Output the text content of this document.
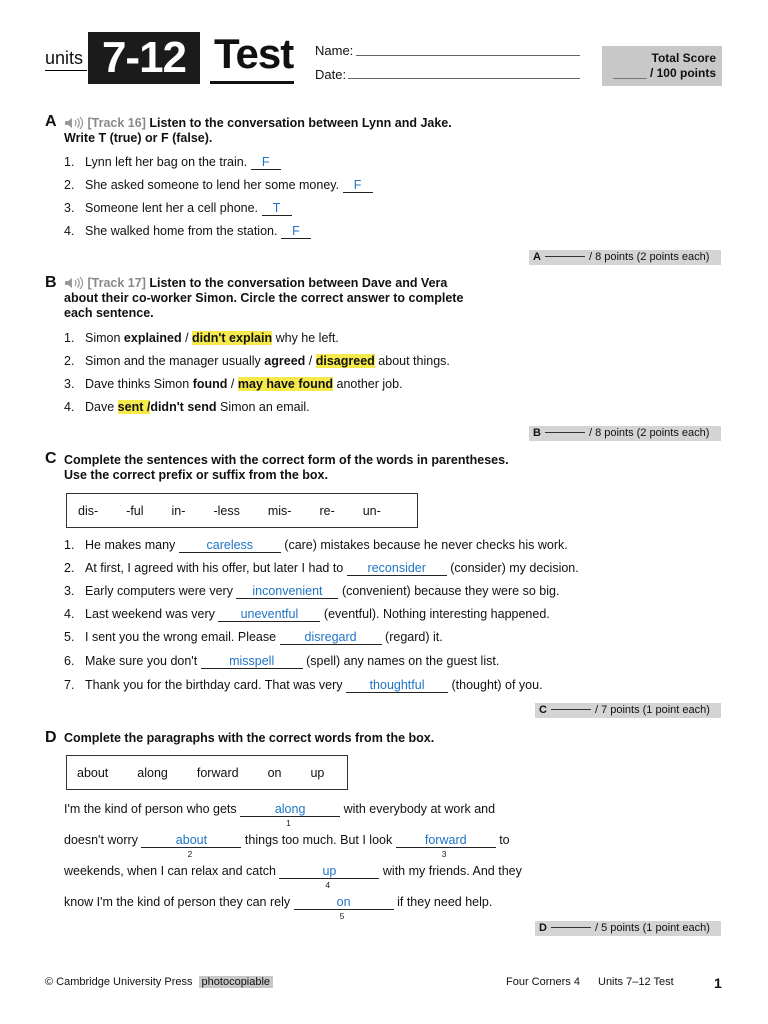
units 7-12 Test Name:
Date:
Total Score
_____ / 100 points
A	[Track 16] Listen to the conversation between Lynn and Jake.
Write T (true) or F (false).
1. Lynn left her bag on the train. F
2. She asked someone to lend her some money. F
3. Someone lent her a cell phone. T
4. She walked home from the station. F
A	/ 8 points (2 points each)
B	[Track 17] Listen to the conversation between Dave and Vera
about their co-worker Simon. Circle the correct answer to complete
each sentence.
1. Simon explained / didn't explain why he left.
2. Simon and the manager usually agreed / disagreed about things.
3. Dave thinks Simon found / may have found another job.
4. Dave sent /didn't send Simon an email.
B	/ 8 points (2 points each)
C Complete the sentences with the correct form of the words in parentheses.
Use the correct prefix or suffix from the box.
dis- -ful in- -less mis- re- un-
1. He makes many careless (care) mistakes because he never checks his work.
2. At first, I agreed with his offer, but later I had to reconsider (consider) my decision.
3. Early computers were very inconvenient (convenient) because they were so big.
4. Last weekend was very uneventful (eventful). Nothing interesting happened.
5. I sent you the wrong email. Please disregard (regard) it.
6. Make sure you don't	misspell	(spell) any names on the guest list.
7. Thank you for the birthday card. That was very thoughtful (thought) of you.
C	/ 7 points (1 point each)
D Complete the paragraphs with the correct words from the box.
about along forward on up
I'm the kind of person who gets	along
1
with everybody at work and
doesn't worry	about
2
things too much. But I look	forward
3
to
weekends, when I can relax and catch	up
4
with my friends. And they
know I'm the kind of person they can rely	on
5
if they need help.
D	/ 5 points (1 point each)
© Cambridge University Press photocopiable	Four Corners 4 Units 7–12 Test	1
